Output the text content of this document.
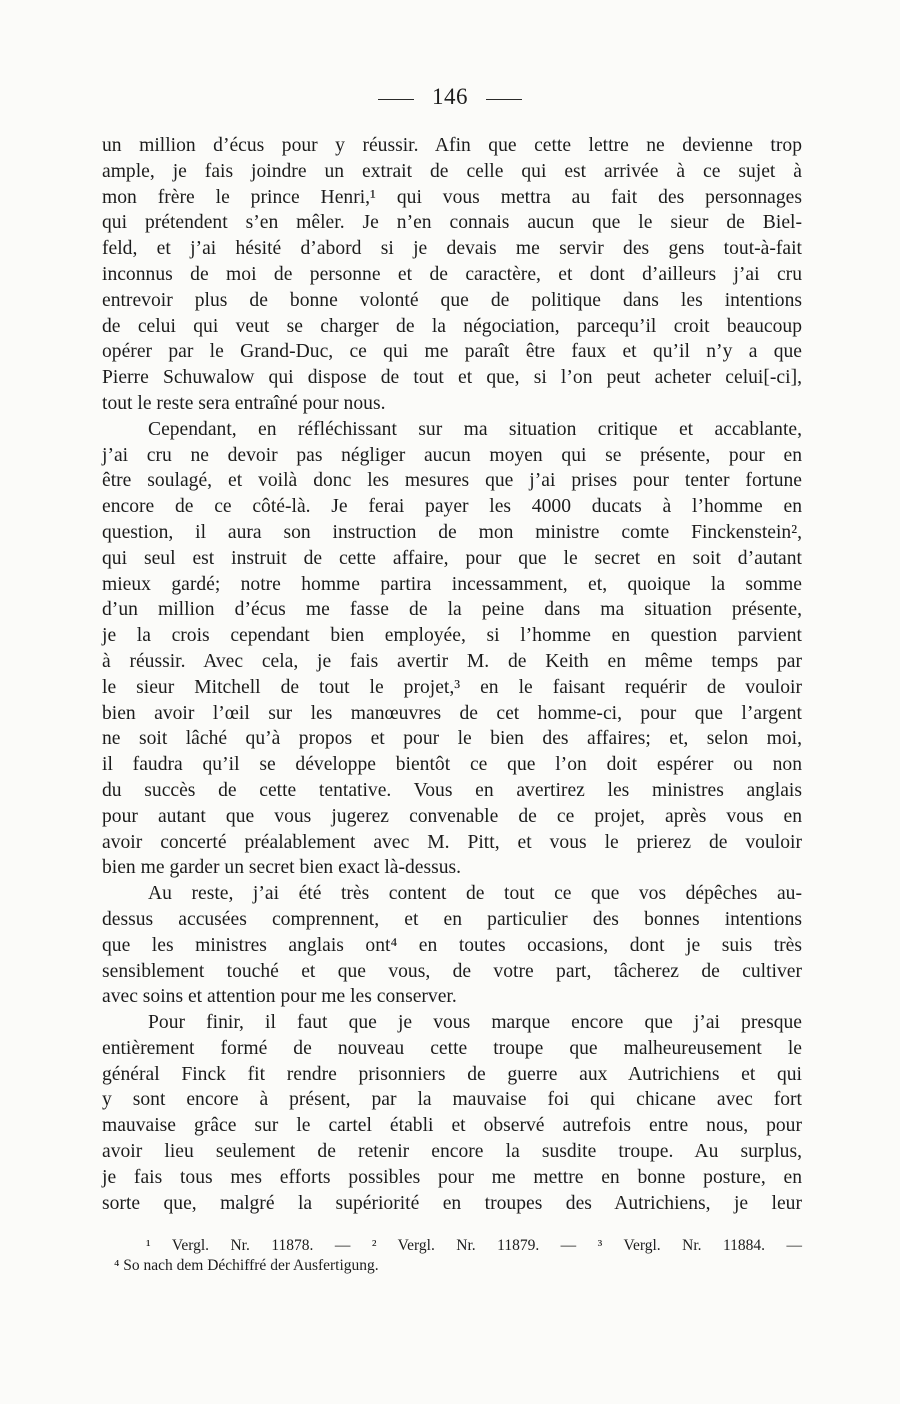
146
un million d’écus pour y réussir. Afin que cette lettre ne devienne trop
ample, je fais joindre un extrait de celle qui est arrivée à ce sujet à
mon frère le prince Henri,¹ qui vous mettra au fait des personnages
qui prétendent s’en mêler. Je n’en connais aucun que le sieur de Biel-
feld, et j’ai hésité d’abord si je devais me servir des gens tout-à-fait
inconnus de moi de personne et de caractère, et dont d’ailleurs j’ai cru
entrevoir plus de bonne volonté que de politique dans les intentions
de celui qui veut se charger de la négociation, parcequ’il croit beaucoup
opérer par le Grand-Duc, ce qui me paraît être faux et qu’il n’y a que
Pierre Schuwalow qui dispose de tout et que, si l’on peut acheter celui[-ci],
tout le reste sera entraîné pour nous.
Cependant, en réfléchissant sur ma situation critique et accablante,
j’ai cru ne devoir pas négliger aucun moyen qui se présente, pour en
être soulagé, et voilà donc les mesures que j’ai prises pour tenter fortune
encore de ce côté-là. Je ferai payer les 4000 ducats à l’homme en
question, il aura son instruction de mon ministre comte Finckenstein²,
qui seul est instruit de cette affaire, pour que le secret en soit d’autant
mieux gardé; notre homme partira incessamment, et, quoique la somme
d’un million d’écus me fasse de la peine dans ma situation présente,
je la crois cependant bien employée, si l’homme en question parvient
à réussir. Avec cela, je fais avertir M. de Keith en même temps par
le sieur Mitchell de tout le projet,³ en le faisant requérir de vouloir
bien avoir l’œil sur les manœuvres de cet homme-ci, pour que l’argent
ne soit lâché qu’à propos et pour le bien des affaires; et, selon moi,
il faudra qu’il se développe bientôt ce que l’on doit espérer ou non
du succès de cette tentative. Vous en avertirez les ministres anglais
pour autant que vous jugerez convenable de ce projet, après vous en
avoir concerté préalablement avec M. Pitt, et vous le prierez de vouloir
bien me garder un secret bien exact là-dessus.
Au reste, j’ai été très content de tout ce que vos dépêches au-
dessus accusées comprennent, et en particulier des bonnes intentions
que les ministres anglais ont⁴ en toutes occasions, dont je suis très
sensiblement touché et que vous, de votre part, tâcherez de cultiver
avec soins et attention pour me les conserver.
Pour finir, il faut que je vous marque encore que j’ai presque
entièrement formé de nouveau cette troupe que malheureusement le
général Finck fit rendre prisonniers de guerre aux Autrichiens et qui
y sont encore à présent, par la mauvaise foi qui chicane avec fort
mauvaise grâce sur le cartel établi et observé autrefois entre nous, pour
avoir lieu seulement de retenir encore la susdite troupe. Au surplus,
je fais tous mes efforts possibles pour me mettre en bonne posture, en
sorte que, malgré la supériorité en troupes des Autrichiens, je leur
¹ Vergl. Nr. 11878. — ² Vergl. Nr. 11879. — ³ Vergl. Nr. 11884. —
⁴ So nach dem Déchiffré der Ausfertigung.
